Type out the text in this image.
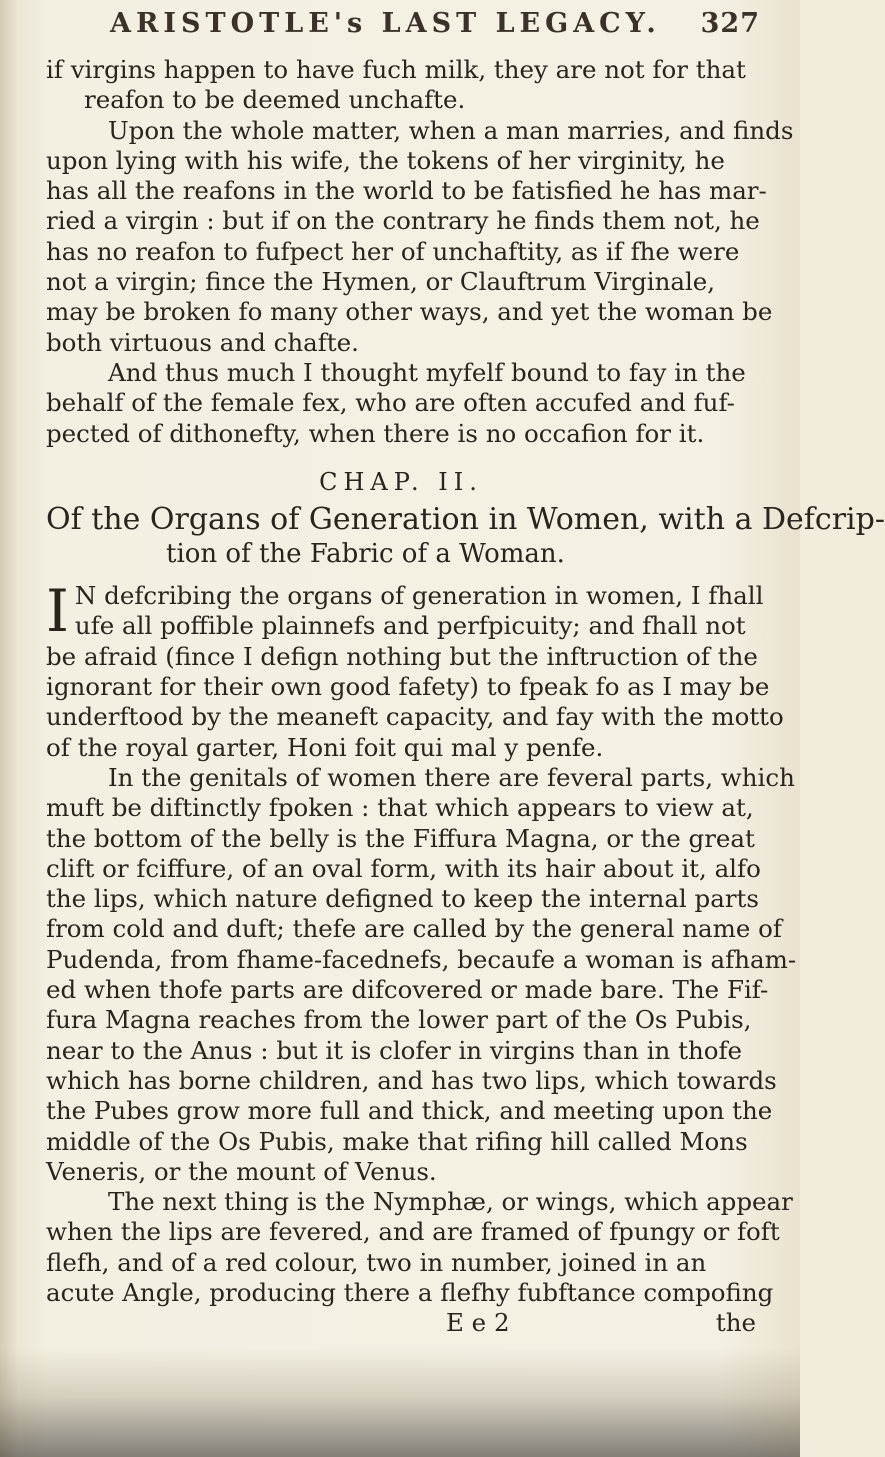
ARISTOTLE's LAST LEGACY. 327
if virgins happen to have fuch milk, they are not for that
reafon to be deemed unchafte.
Upon the whole matter, when a man marries, and finds
upon lying with his wife, the tokens of her virginity, he
has all the reafons in the world to be fatisfied he has mar-
ried a virgin : but if on the contrary he finds them not, he
has no reafon to fufpect her of unchaftity, as if fhe were
not a virgin; fince the Hymen, or Clauftrum Virginale,
may be broken fo many other ways, and yet the woman be
both virtuous and chafte.
And thus much I thought myfelf bound to fay in the
behalf of the female fex, who are often accufed and fuf-
pected of dithonefty, when there is no occafion for it.
CHAP. II.
Of the Organs of Generation in Women, with a Defcrip-
tion of the Fabric of a Woman.
I N defcribing the organs of generation in women, I fhall
ufe all poffible plainnefs and perfpicuity; and fhall not
be afraid (fince I defign nothing but the inftruction of the
ignorant for their own good fafety) to fpeak fo as I may be
underftood by the meaneft capacity, and fay with the motto
of the royal garter, Honi foit qui mal y penfe.
In the genitals of women there are feveral parts, which
muft be diftinctly fpoken : that which appears to view at,
the bottom of the belly is the Fiffura Magna, or the great
clift or fciffure, of an oval form, with its hair about it, alfo
the lips, which nature defigned to keep the internal parts
from cold and duft; thefe are called by the general name of
Pudenda, from fhame-facednefs, becaufe a woman is afham-
ed when thofe parts are difcovered or made bare. The Fif-
fura Magna reaches from the lower part of the Os Pubis,
near to the Anus : but it is clofer in virgins than in thofe
which has borne children, and has two lips, which towards
the Pubes grow more full and thick, and meeting upon the
middle of the Os Pubis, make that rifing hill called Mons
Veneris, or the mount of Venus.
The next thing is the Nymphæ, or wings, which appear
when the lips are fevered, and are framed of fpungy or foft
flefh, and of a red colour, two in number, joined in an
acute Angle, producing there a flefhy fubftance compofing
E e 2	the
